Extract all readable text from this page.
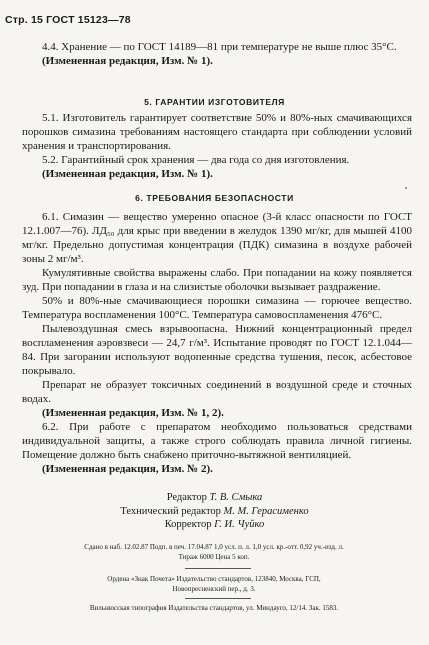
Стр. 15 ГОСТ 15123—78

4.4. Хранение — по ГОСТ 14189—81 при температуре не выше плюс 35°С.

(Измененная редакция, Изм. № 1).

5. ГАРАНТИИ ИЗГОТОВИТЕЛЯ

5.1. Изготовитель гарантирует соответствие 50% и 80%-ных смачивающихся порошков симазина требованиям настоящего стандарта при соблюдении условий хранения и транспортирования.

5.2. Гарантийный срок хранения — два года со дня изготовления.

(Измененная редакция, Изм. № 1).

6. ТРЕБОВАНИЯ БЕЗОПАСНОСТИ

6.1. Симазин — вещество умеренно опасное (3-й класс опасности по ГОСТ 12.1.007—76). ЛД₅₀ для крыс при введении в желудок 1390 мг/кг, для мышей 4100 мг/кг. Предельно допустимая концентрация (ПДК) симазина в воздухе рабочей зоны 2 мг/м³.

Кумулятивные свойства выражены слабо. При попадании на кожу появляется зуд. При попадании в глаза и на слизистые оболочки вызывает раздражение.

50% и 80%-ные смачивающиеся порошки симазина — горючее вещество. Температура воспламенения 100°С. Температура самовоспламенения 476°С.

Пылевоздушная смесь взрывоопасна. Нижний концентрационный предел воспламенения аэровзвеси — 24,7 г/м³. Испытание проводят по ГОСТ 12.1.044—84. При загорании используют водопенные средства тушения, песок, асбестовое покрывало.

Препарат не образует токсичных соединений в воздушной среде и сточных водах.

(Измененная редакция, Изм. № 1, 2).

6.2. При работе с препаратом необходимо пользоваться средствами индивидуальной защиты, а также строго соблюдать правила личной гигиены. Помещение должно быть снабжено приточно-вытяжной вентиляцией.

(Измененная редакция, Изм. № 2).

Редактор Т. В. Смыка
Технический редактор М. М. Герасименко
Корректор Г. И. Чуйко
Сдано в наб. 12.02.87 Подп. в печ. 17.04.87 1,0 усл. п. л. 1,0 усл. кр.-отт. 0,92 уч.-изд. л.
Тираж 6000 Цена 5 коп.
Ордена «Знак Почета» Издательство стандартов, 123840, Москва, ГСП,
Новопресненский пер., д. 3.
Вильнюсская типография Издательства стандартов, ул. Миндауго, 12/14. Зак. 1583.
